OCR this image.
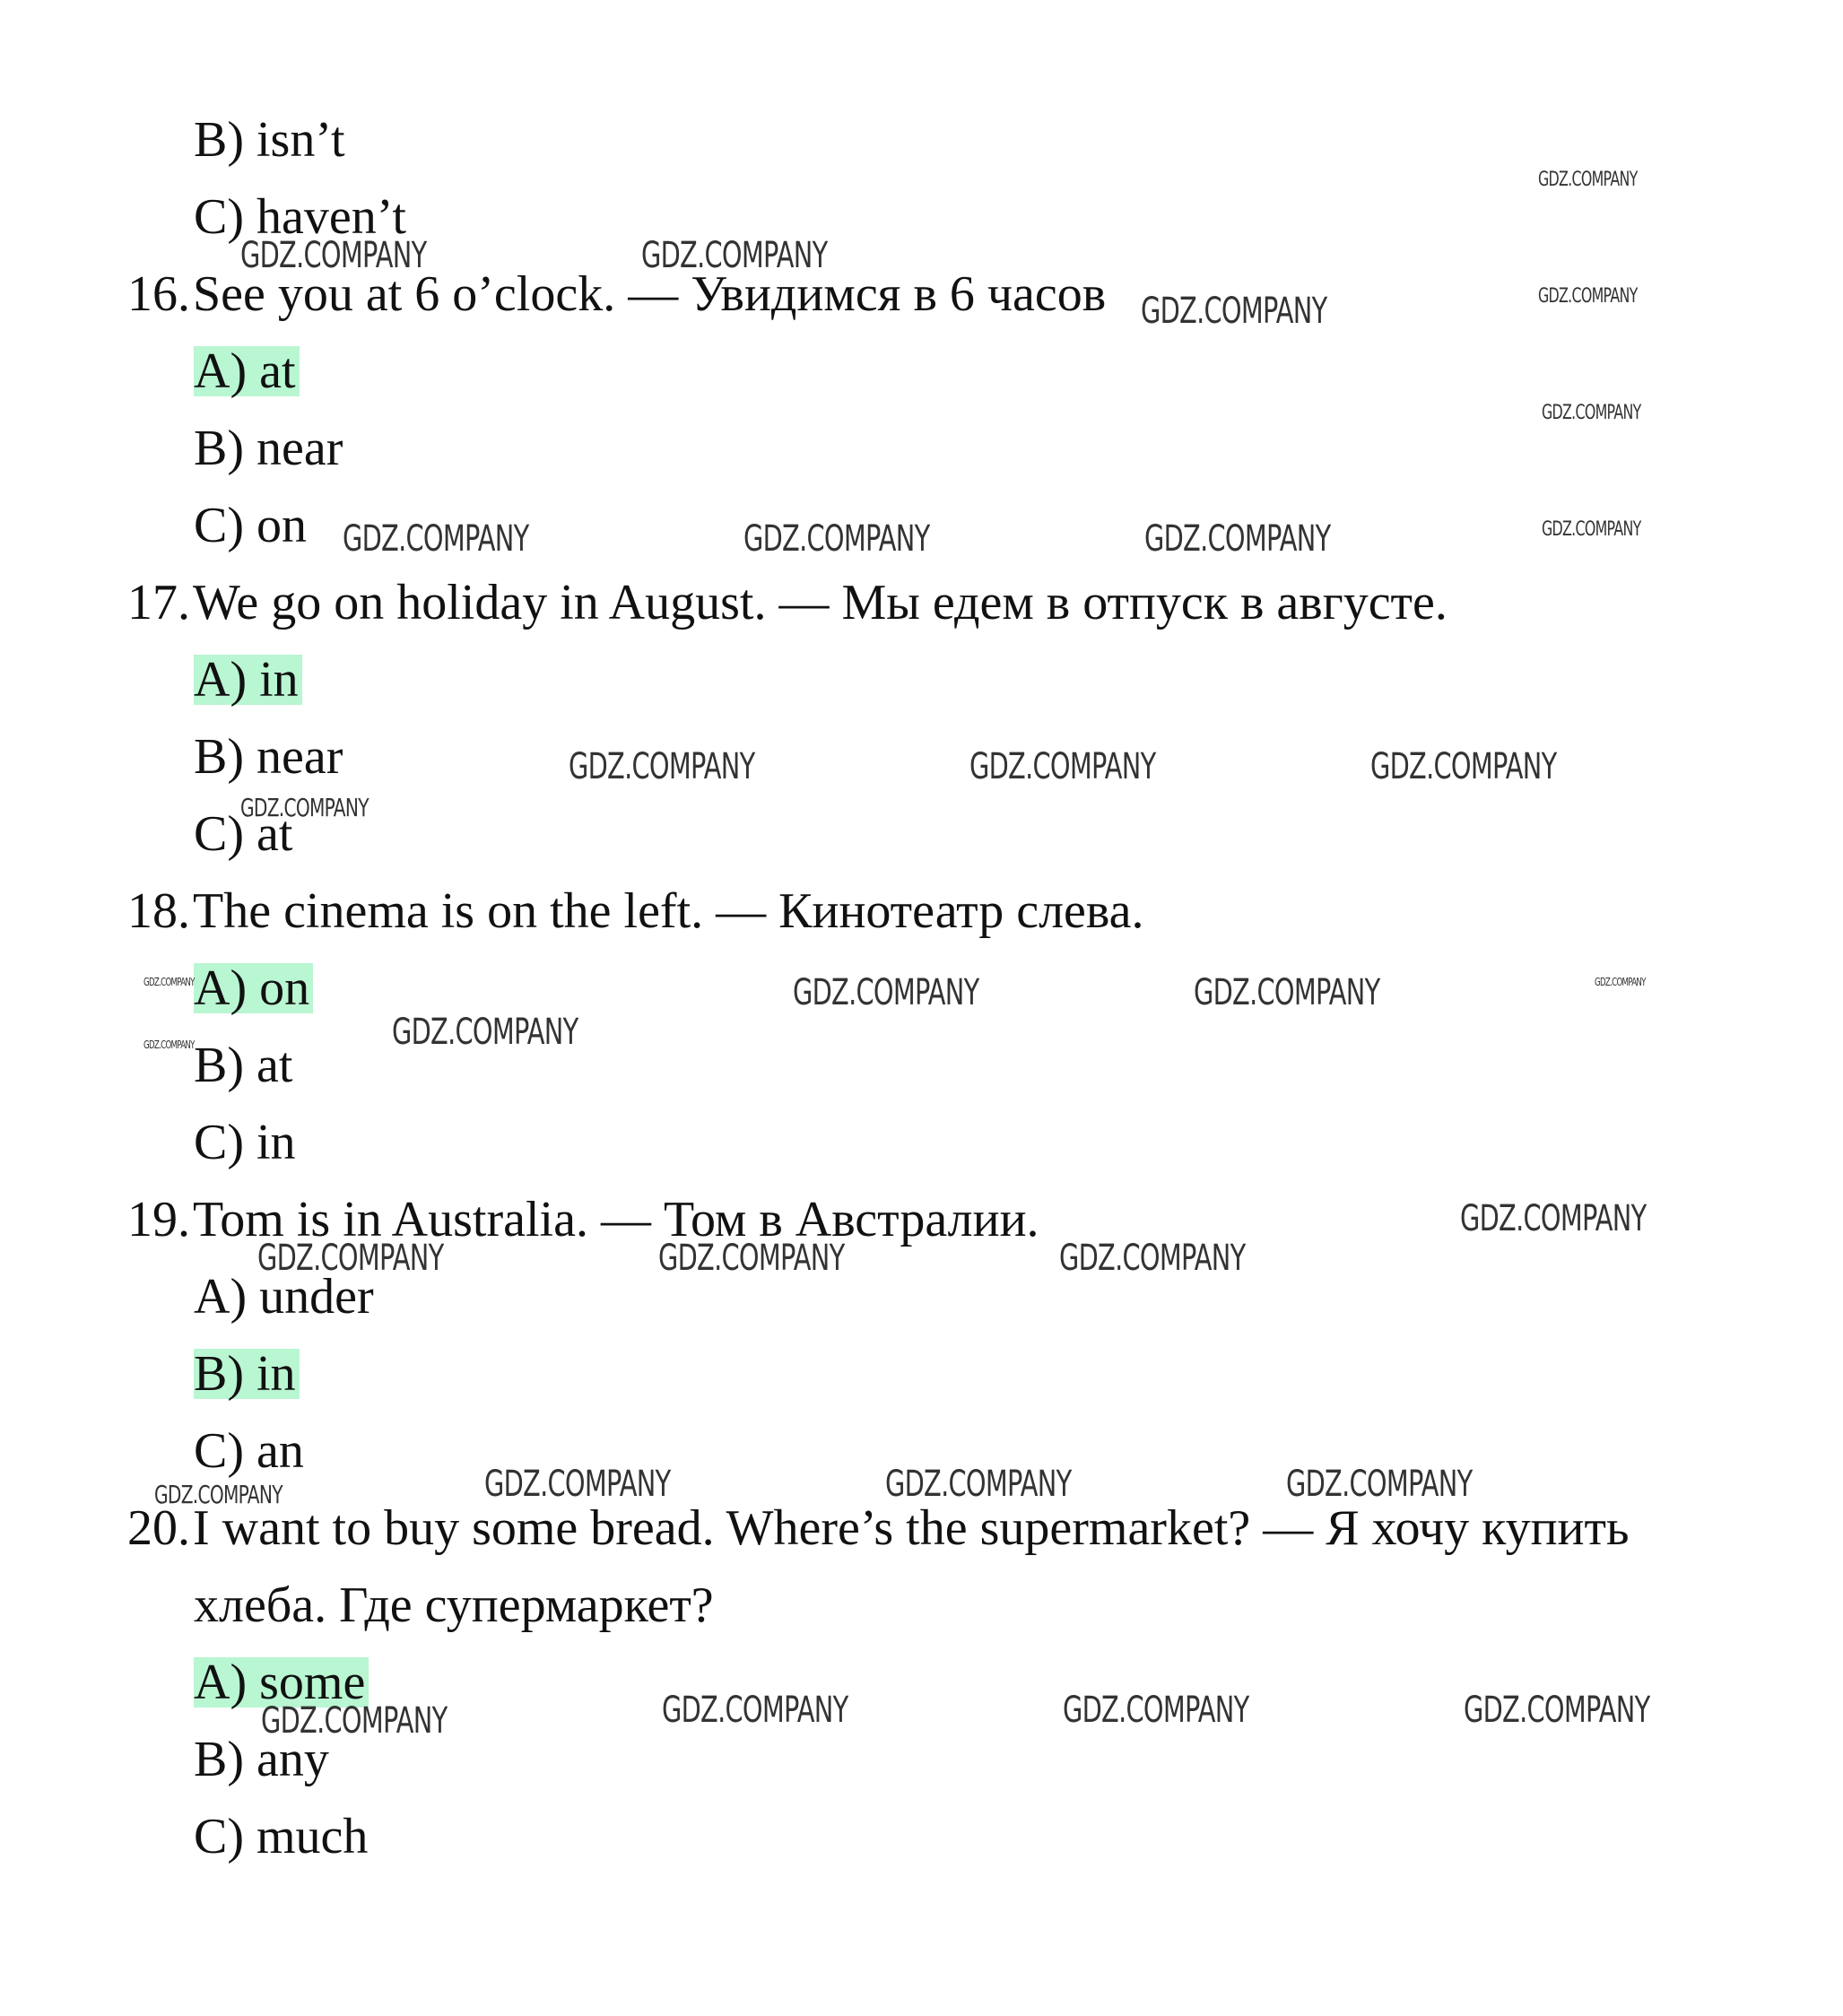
B) isn’t
C) haven’t
16. See you at 6 o’clock. — Увидимся в 6 часов
A) at
B) near
C) on
17. We go on holiday in August. — Мы едем в отпуск в августе.
A) in
B) near
C) at
18. The cinema is on the left. — Кинотеатр слева.
A) on
B) at
C) in
19. Tom is in Australia. — Том в Австралии.
A) under
B) in
C) an
20. I want to buy some bread. Where’s the supermarket? — Я хочу купить
хлеба. Где супермаркет?
A) some
B) any
C) much
GDZ.COMPANY
GDZ.COMPANY	GDZ.COMPANY
GDZ.COMPANY	GDZ.COMPANY
GDZ.COMPANY
GDZ.COMPANY	GDZ.COMPANY	GDZ.COMPANY	GDZ.COMPANY
GDZ.COMPANY	GDZ.COMPANY	GDZ.COMPANY
GDZ.COMPANY
GDZ.COMPANY	GDZ.COMPANY	GDZ.COMPANY	GDZ.COMPANY
GDZ.COMPANY
GDZ.COMPANY
GDZ.COMPANY
GDZ.COMPANY	GDZ.COMPANY	GDZ.COMPANY
GDZ.COMPANY	GDZ.COMPANY	GDZ.COMPANY
GDZ.COMPANY
GDZ.COMPANY	GDZ.COMPANY	GDZ.COMPANY	GDZ.COMPANY
